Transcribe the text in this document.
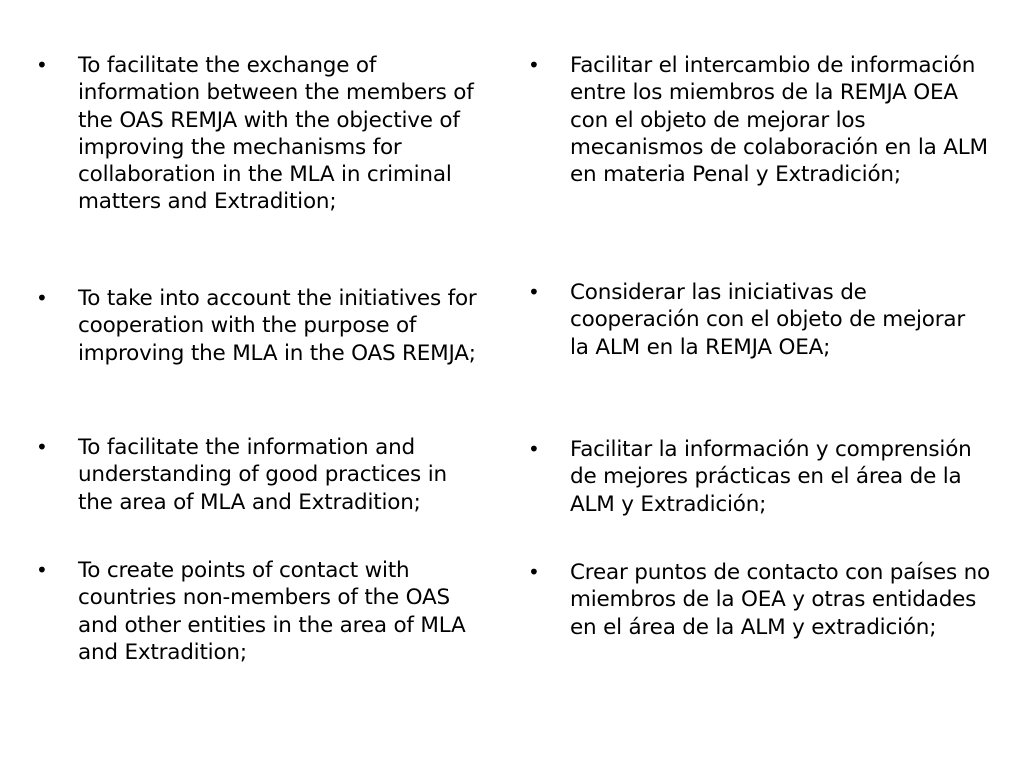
• To facilitate the exchange of information between the members of the OAS REMJA with the objective of improving the mechanisms for collaboration in the MLA in criminal matters and Extradition;
• To take into account the initiatives for cooperation with the purpose of improving the MLA in the OAS REMJA;
• To facilitate the information and understanding of good practices in the area of MLA and Extradition;
• To create points of contact with countries non-members of the OAS and other entities in the area of MLA and Extradition;
• Facilitar el intercambio de información entre los miembros de la REMJA OEA con el objeto de mejorar los mecanismos de colaboración en la ALM en materia Penal y Extradición;
• Considerar las iniciativas de cooperación con el objeto de mejorar la ALM en la REMJA OEA;
• Facilitar la información y comprensión de mejores prácticas en el área de la ALM y Extradición;
• Crear puntos de contacto con países no miembros de la OEA y otras entidades en el área de la ALM y extradición;
